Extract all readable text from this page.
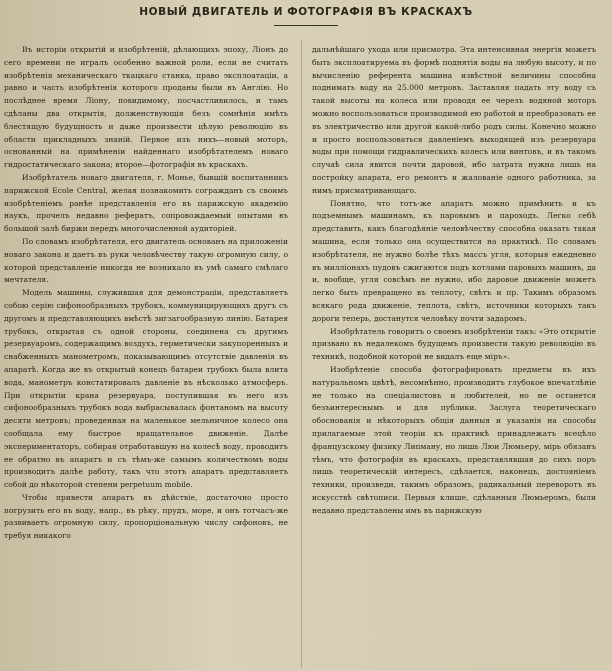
НОВЫЙ ДВИГАТЕЛЬ И ФОТОГРАФІЯ ВЪ КРАСКАХЪ

Въ исторіи открытій и изобрѣтеній, дѣлающихъ эпоху, Ліонъ до сего времени не игралъ особенно важной роли, если не считать изобрѣтенія механическаго ткацкаго станка, право эксплоатаціи, а равно и часть изобрѣтенія которого проданы были въ Англію. Но послѣднее время Ліону, повидимому, посчастливилось, и тамъ сдѣланы два открытія, долженствующія безъ сомнѣнія имѣть блестящую будущность и даже произвести цѣлую революцію въ области прикладныхъ знаній. Первое изъ нихъ—новый моторъ, основанный на примѣненіи найденнаго изобрѣтателемъ новаго гидростатическаго закона; второе—фотографія въ краскахъ.

Изобрѣтатель новаго двигателя, г. Монье, бывшій воспитанникъ парижской Ecole Central, желая познакомить согражданъ съ своимъ изобрѣтеніемъ ранѣе представленія его въ парижскую академію наукъ, прочелъ недавно рефератъ, сопровождаемый опытами въ большой залѣ биржи передъ многочисленной аудиторіей.

По словамъ изобрѣтателя, его двигатель основанъ на приложеніи новаго закона и даетъ въ руки человѣчеству такую огромную силу, о которой представленіе никогда не возникало въ умѣ самаго смѣлаго мечтателя.

Модель машины, служившая для демонстраціи, представляетъ собою серію сифонообразныхъ трубокъ, коммуницирующихъ другъ съ другомъ и представляющихъ вмѣстѣ зигзагообразную линію. Батарея трубокъ, открытая съ одной стороны, соединена съ другимъ резервуаромъ, содержащимъ воздухъ, герметически закупоренныхъ и снабженныхъ манометромъ, показывающимъ отсутствіе давленія въ апаратѣ. Когда же въ открытый конецъ батареи трубокъ была влита вода, манометръ констатировалъ давленіе въ нѣсколько атмосферъ. При открытіи крана резервуара, поступившая въ него изъ сифонообразныхъ трубокъ вода выбрасывалась фонтаномъ на высоту десяти метровъ; проведенная на маленькое мельничное колесо она сообщала ему быстрое вращательное движеніе. Далѣе экспериментаторъ, собирая отработавшую на колесѣ воду, проводитъ ее обратно въ апаратъ и съ тѣмъ-же самымъ количествомъ воды производитъ далѣе работу, такъ что этотъ апаратъ представляетъ собой до нѣкоторой степени perpetuum mobile.

Чтобы привести апаратъ въ дѣйствіе, достаточно просто погрузить его въ воду, напр., въ рѣку, прудъ, море, и онъ тотчасъ-же развиваетъ огромную силу, пропорціональную числу сифоновъ, не требуя никакого

дальнѣйшаго ухода или присмотра. Эта интенсивная энергія можетъ быть эксплоатируема въ формѣ поднятія воды на любую высоту, и по вычисленію референта машина извѣстной величины способна поднимать воду на 25.000 метровъ. Заставляя падать эту воду съ такой высоты на колеса или проводя ее черезъ водяной моторъ можно воспользоваться производимой ею работой и преобразовать ее въ электричество или другой какой-либо родъ силы. Конечно можно и просто воспользоваться давленіемъ выходящей изъ резервуара воды при помощи гидравлическихъ колесъ или винтовъ, и въ такомъ случаѣ сила явится почти даровой, ибо затрата нужна лишь на постройку апарата, его ремонтъ и жалованіе одного работника, за нимъ присматривающаго.

Понятно, что тотъ-же апаратъ можно примѣнить и къ подъемнымъ машинамъ, къ паровымъ и пароходъ. Легко себѣ представить, какъ благодѣяніе человѣчеству способна оказать такая машина, если только она осуществится на практикѣ. По словамъ изобрѣтателя, не нужно болѣе тѣхъ массъ угля, которыя ежедневно въ милліонахъ пудовъ сжигаются подъ котлами паровыхъ машинъ, да и, вообще, угля совсѣмъ не нужно, ибо даровое движеніе можетъ легко быть превращено въ теплоту, свѣтъ и пр. Такимъ образомъ всякаго рода движеніе, теплота, свѣтъ, источники которыхъ такъ дороги теперь, достанутся человѣку почти задаромъ.

Изобрѣтатель говоритъ о своемъ изобрѣтеніи такъ: «Это открытіе призвано въ недалекомъ будущемъ произвести такую революцію въ техникѣ, подобной которой не видалъ еще міръ».

Изобрѣтеніе способа фотографировать предметы въ ихъ натуральномъ цвѣтѣ, несомнѣнно, производитъ глубокое впечатлѣніе не только на спеціалистовъ и любителей, но не останется безъинтереснымъ и для публики. Заслуга теоретическаго обоснованія и нѣкоторыхъ общія данныя и указанія на способы прилагаемые этой теоріи къ практикѣ принадлежатъ всецѣло французскому физику Липману, но лишь Люи Люмьеру, мірь обязанъ тѣмъ, что фотографія въ краскахъ, представлявшая до сихъ поръ лишь теоретическій интересъ, сдѣлается, наконецъ, достояніемъ техники, произведи, такимъ образомъ, радикальный переворотъ въ искусствѣ свѣтописи. Первыя клише, сдѣланныя Люмьеромъ, были недавно представлены имъ въ парижскую
